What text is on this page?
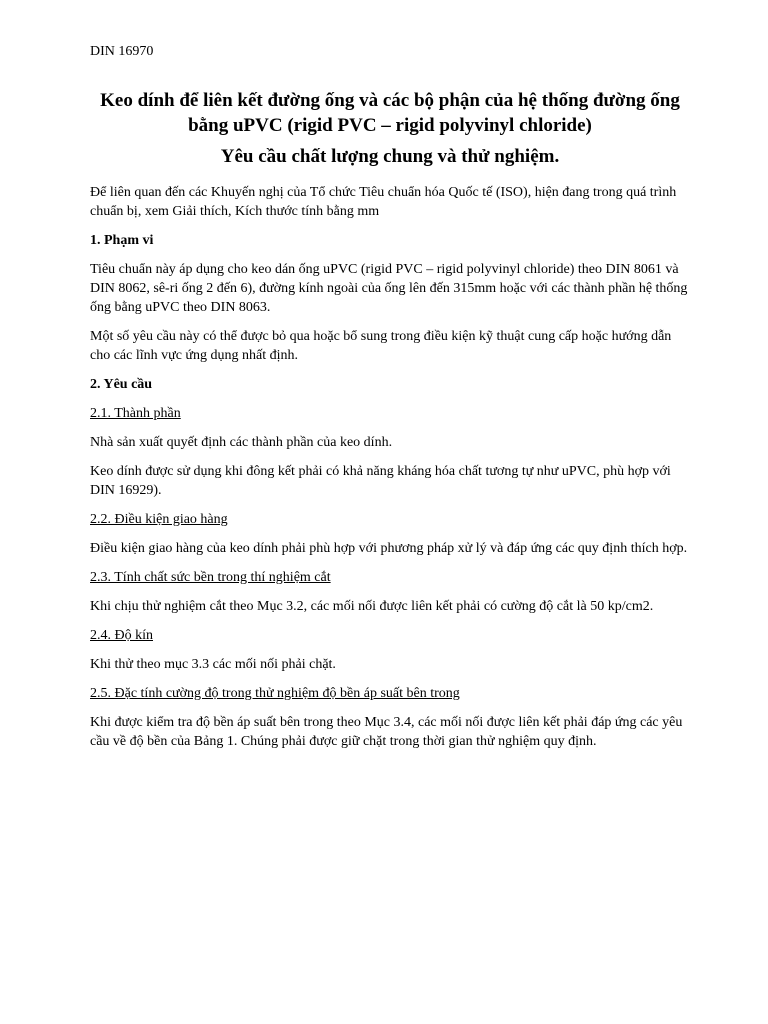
DIN 16970
Keo dính để liên kết đường ống và các bộ phận của hệ thống đường ống bằng uPVC (rigid PVC – rigid polyvinyl chloride)
Yêu cầu chất lượng chung và thử nghiệm.

Để liên quan đến các Khuyến nghị của Tổ chức Tiêu chuẩn hóa Quốc tế (ISO), hiện đang trong quá trình chuẩn bị, xem Giải thích, Kích thước tính bằng mm

1. Phạm vi

Tiêu chuẩn này áp dụng cho keo dán ống uPVC (rigid PVC – rigid polyvinyl chloride) theo DIN 8061 và DIN 8062, sê-ri ống 2 đến 6), đường kính ngoài của ống lên đến 315mm hoặc với các thành phần hệ thống ống bằng uPVC theo DIN 8063.

Một số yêu cầu này có thể được bỏ qua hoặc bổ sung trong điều kiện kỹ thuật cung cấp hoặc hướng dẫn cho các lĩnh vực ứng dụng nhất định.

2. Yêu cầu
2.1. Thành phần

Nhà sản xuất quyết định các thành phần của keo dính.

Keo dính được sử dụng khi đông kết phải có khả năng kháng hóa chất tương tự như uPVC, phù hợp với DIN 16929).

2.2. Điều kiện giao hàng

Điều kiện giao hàng của keo dính phải phù hợp với phương pháp xử lý và đáp ứng các quy định thích hợp.

2.3. Tính chất sức bền trong thí nghiệm cắt

Khi chịu thử nghiệm cắt theo Mục 3.2, các mối nối được liên kết phải có cường độ cắt là 50 kp/cm2.

2.4. Độ kín

Khi thử theo mục 3.3 các mối nối phải chặt.

2.5. Đặc tính cường độ trong thử nghiệm độ bền áp suất bên trong

Khi được kiểm tra độ bền áp suất bên trong theo Mục 3.4, các mối nối được liên kết phải đáp ứng các yêu cầu về độ bền của Bảng 1. Chúng phải được giữ chặt trong thời gian thử nghiệm quy định.
